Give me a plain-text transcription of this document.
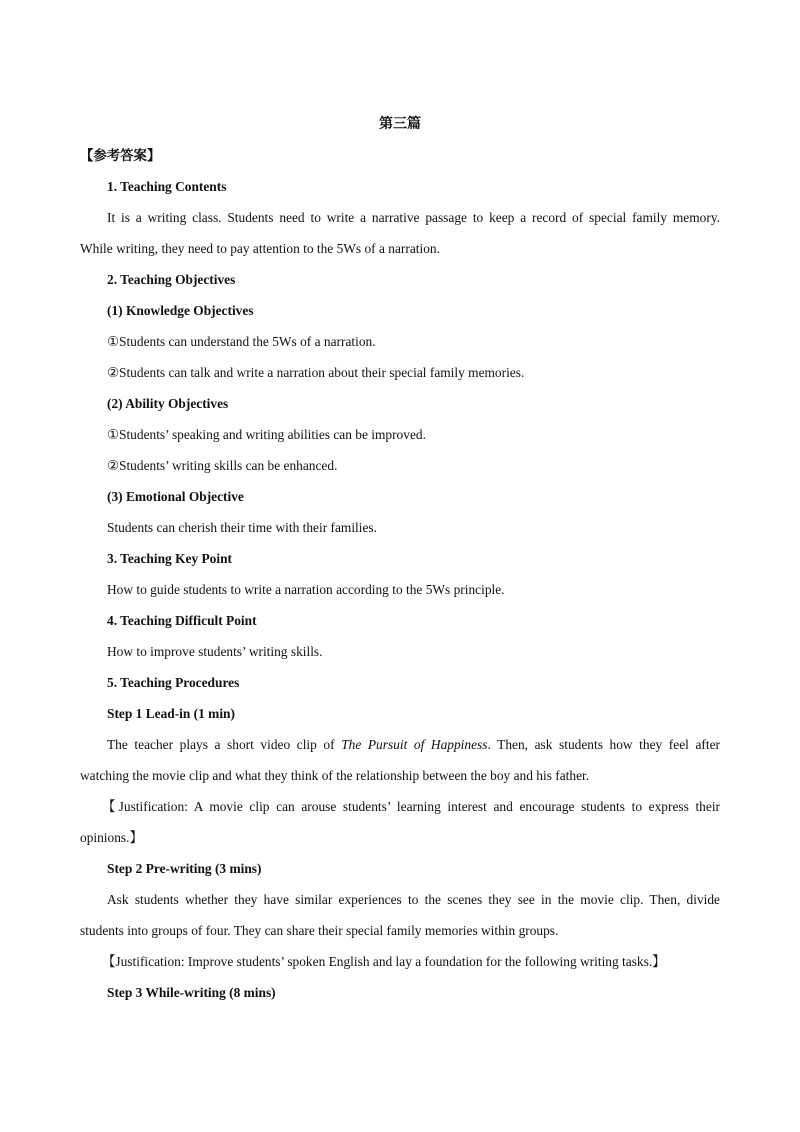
第三篇
【参考答案】
1. Teaching Contents
It is a writing class. Students need to write a narrative passage to keep a record of special family memory.
While writing, they need to pay attention to the 5Ws of a narration.
2. Teaching Objectives
(1) Knowledge Objectives
①Students can understand the 5Ws of a narration.
②Students can talk and write a narration about their special family memories.
(2) Ability Objectives
①Students’ speaking and writing abilities can be improved.
②Students’ writing skills can be enhanced.
(3) Emotional Objective
Students can cherish their time with their families.
3. Teaching Key Point
How to guide students to write a narration according to the 5Ws principle.
4. Teaching Difficult Point
How to improve students’ writing skills.
5. Teaching Procedures
Step 1 Lead-in (1 min)
The teacher plays a short video clip of The Pursuit of Happiness. Then, ask students how they feel after
watching the movie clip and what they think of the relationship between the boy and his father.
【Justification: A movie clip can arouse students’ learning interest and encourage students to express their
opinions.】
Step 2 Pre-writing (3 mins)
Ask students whether they have similar experiences to the scenes they see in the movie clip. Then, divide
students into groups of four. They can share their special family memories within groups.
【Justification: Improve students’ spoken English and lay a foundation for the following writing tasks.】
Step 3 While-writing (8 mins)
